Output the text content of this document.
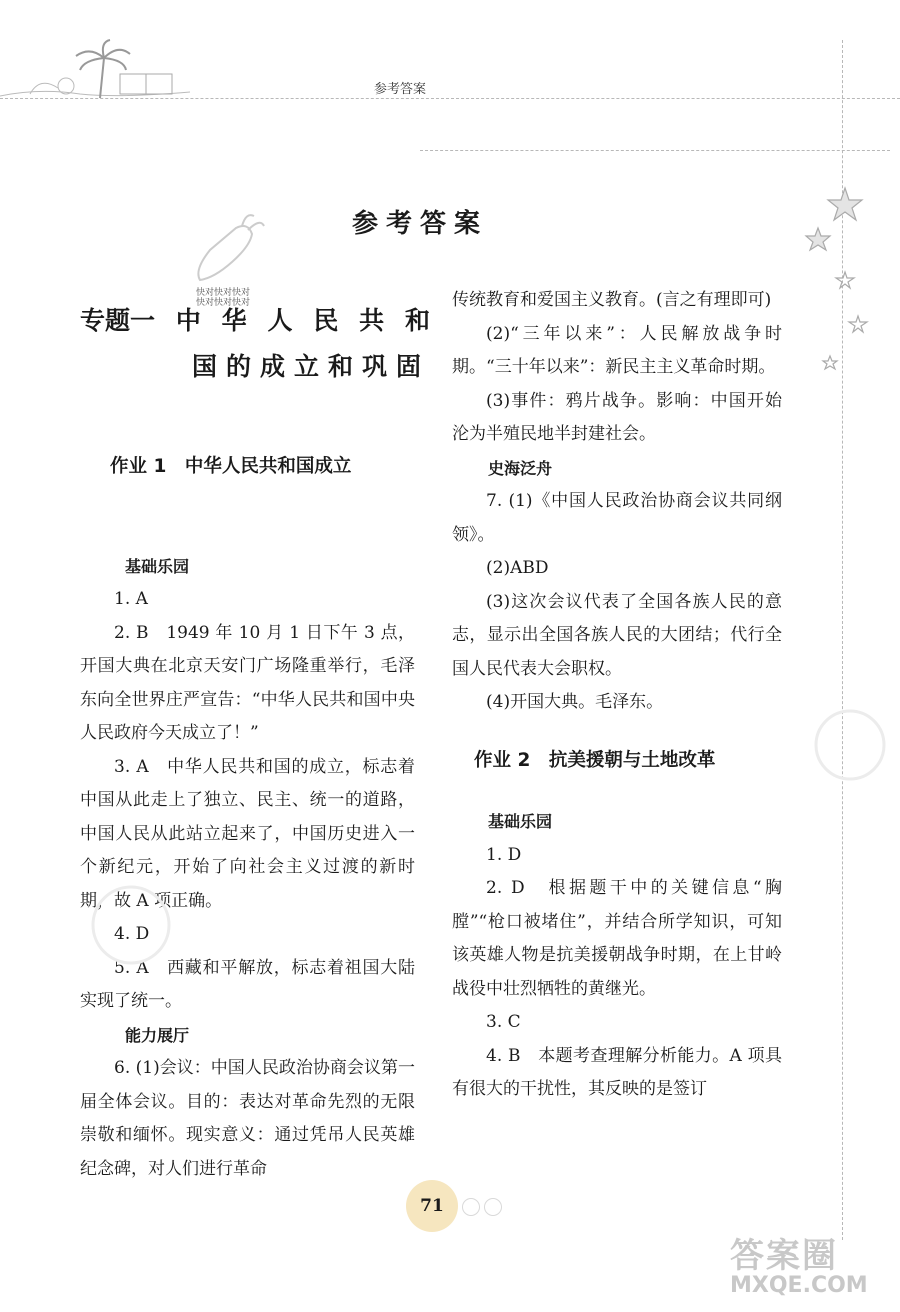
参考答案
快对快对快对
快对快对快对
参考答案
专题一 中 华 人 民 共 和
国的成立和巩固

作业 1　中华人民共和国成立

基础乐园

1. A

2. B　1949 年 10 月 1 日下午 3 点，开国大典在北京天安门广场隆重举行，毛泽东向全世界庄严宣告：“中华人民共和国中央人民政府今天成立了！”

3. A　中华人民共和国的成立，标志着中国从此走上了独立、民主、统一的道路，中国人民从此站立起来了，中国历史进入一个新纪元，开始了向社会主义过渡的新时期，故 A 项正确。

4. D

5. A　西藏和平解放，标志着祖国大陆实现了统一。

能力展厅

6. (1)会议：中国人民政治协商会议第一届全体会议。目的：表达对革命先烈的无限崇敬和缅怀。现实意义：通过凭吊人民英雄纪念碑，对人们进行革命

传统教育和爱国主义教育。(言之有理即可)

(2)“三年以来”：人民解放战争时期。“三十年以来”：新民主主义革命时期。

(3)事件：鸦片战争。影响：中国开始沦为半殖民地半封建社会。

史海泛舟

7. (1)《中国人民政治协商会议共同纲领》。

(2)ABD

(3)这次会议代表了全国各族人民的意志，显示出全国各族人民的大团结；代行全国人民代表大会职权。

(4)开国大典。毛泽东。

作业 2　抗美援朝与土地改革

基础乐园

1. D

2. D　根据题干中的关键信息“胸膛”“枪口被堵住”，并结合所学知识，可知该英雄人物是抗美援朝战争时期，在上甘岭战役中壮烈牺牲的黄继光。

3. C

4. B　本题考查理解分析能力。A 项具有很大的干扰性，其反映的是签订

71
答案圈
MXQE.COM
